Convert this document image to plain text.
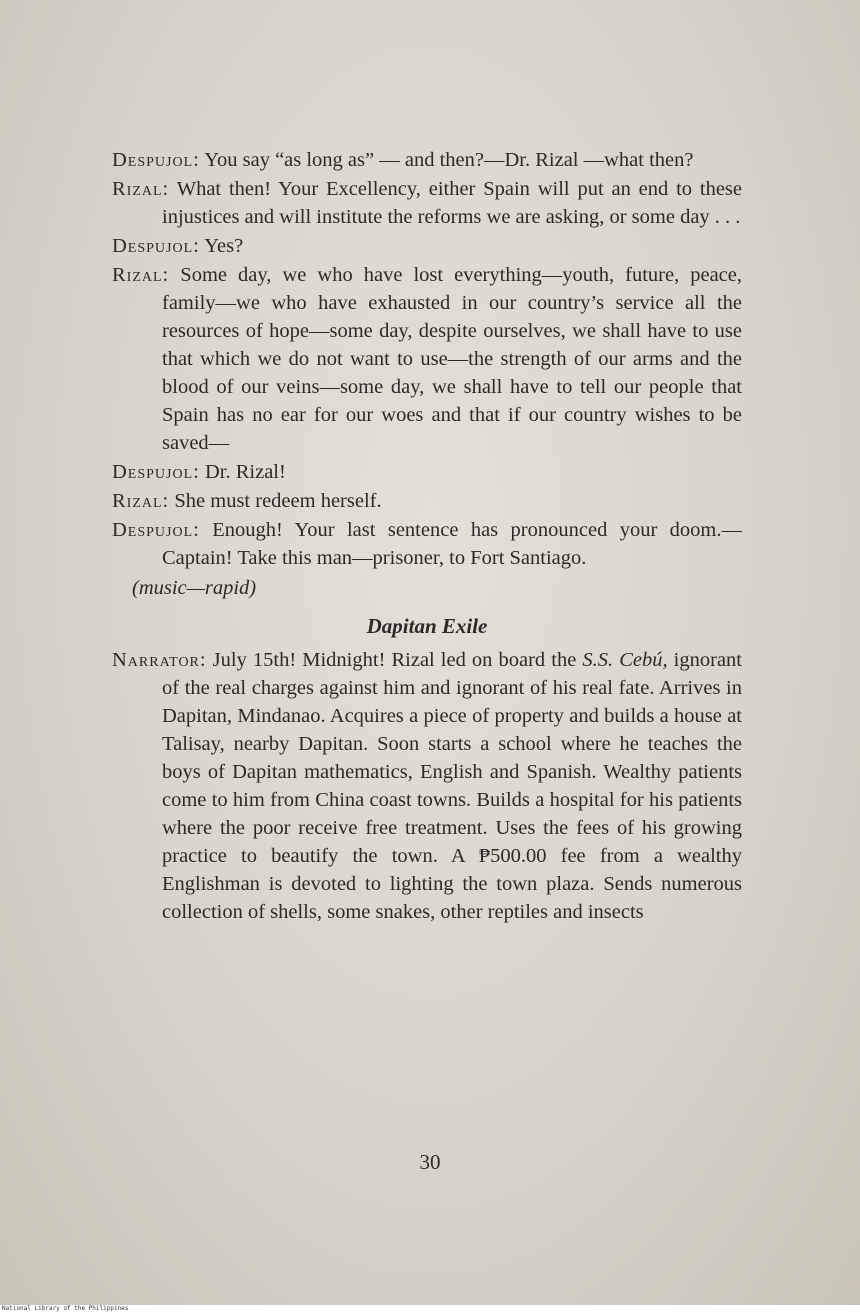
Despujol: You say “as long as” — and then?—Dr. Rizal —what then?

Rizal: What then! Your Excellency, either Spain will put an end to these injustices and will institute the reforms we are asking, or some day . . .

Despujol: Yes?

Rizal: Some day, we who have lost everything—youth, future, peace, family—we who have exhausted in our country’s service all the resources of hope—some day, despite ourselves, we shall have to use that which we do not want to use—the strength of our arms and the blood of our veins—some day, we shall have to tell our people that Spain has no ear for our woes and that if our country wishes to be saved—

Despujol: Dr. Rizal!

Rizal: She must redeem herself.

Despujol: Enough! Your last sentence has pronounced your doom.—Captain! Take this man—prisoner, to Fort Santiago.

(music—rapid)

Dapitan Exile

Narrator: July 15th! Midnight! Rizal led on board the S.S. Cebú, ignorant of the real charges against him and ignorant of his real fate. Arrives in Dapitan, Mindanao. Acquires a piece of property and builds a house at Talisay, nearby Dapitan. Soon starts a school where he teaches the boys of Dapitan mathematics, English and Spanish. Wealthy patients come to him from China coast towns. Builds a hospital for his patients where the poor receive free treatment. Uses the fees of his growing practice to beautify the town. A ₱500.00 fee from a wealthy Englishman is devoted to lighting the town plaza. Sends numerous collection of shells, some snakes, other reptiles and insects

30
National Library of the Philippines
